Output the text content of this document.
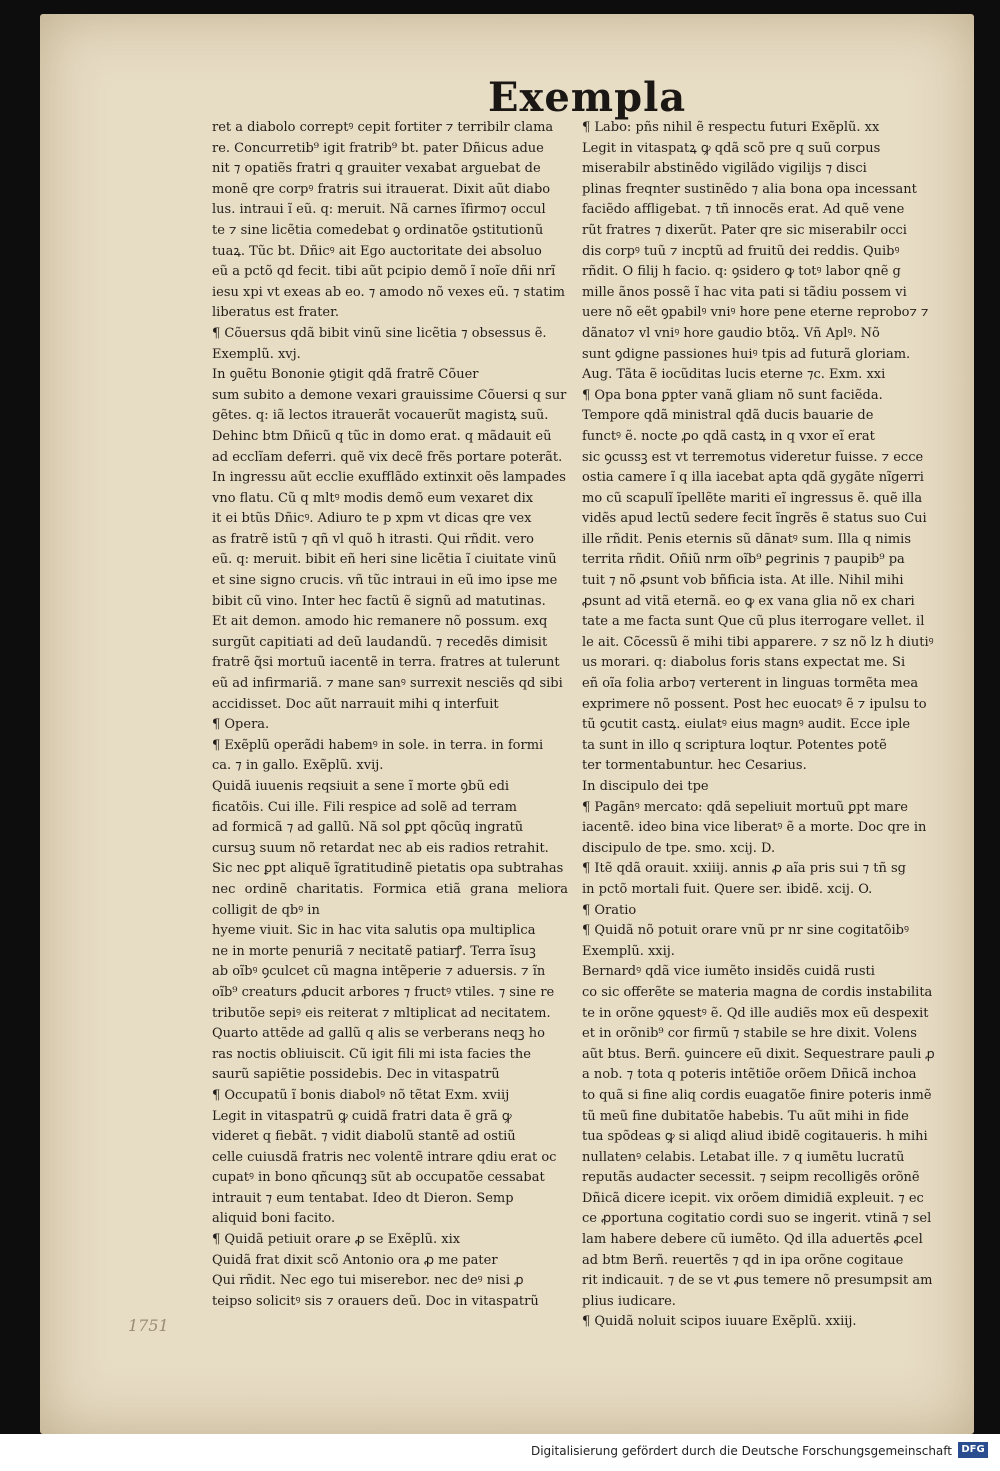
Exempla

ret a diabolo correptꝰ cepit fortiter ⁊ terribilr clama

re. Concurretib⁹ igit fratrib⁹ bt. pater Dñicus adue

nit ⁊ opatiẽs fratri q grauiter vexabat arguebat de

monẽ qre corpꝰ fratris sui itrauerat. Dixit aũt diabo

lus. intraui ĩ eũ. q: meruit. Nã carnes ĩfirmo⁊ occul

te ⁊ sine licẽtia comedebat ꝯ ordinatõe ꝯstitutionũ

tuaꝝ. Tũc bt. Dñicꝰ ait Ego auctoritate dei absoluo

eũ a pctõ qd fecit. tibi aũt pcipio demõ ĩ noĩe dñi nrĩ

iesu xpi vt exeas ab eo. ⁊ amodo nõ vexes eũ. ⁊ statim

liberatus est frater.

¶ Cõuersus qdã bibit vinũ sine licẽtia ⁊ obsessus ẽ.

Exemplũ. xvj.

In ꝯuẽtu Bononie ꝯtigit qdã fratrẽ Cõuer

sum subito a demone vexari grauissime Cõuersi q sur

gẽtes. q: iã lectos itrauerãt vocauerũt magistꝝ suũ.

Dehinc btm Dñicũ q tũc in domo erat. q mãdauit eũ

ad ecclĩam deferri. quẽ vix decẽ frẽs portare poterãt.

In ingressu aũt ecclie exufflãdo extinxit oẽs lampades

vno flatu. Cũ q mltꝰ modis demõ eum vexaret dix

it ei btũs Dñicꝰ. Adiuro te p xpm vt dicas qre vex

as fratrẽ istũ ⁊ qñ vl quõ h itrasti. Qui rñdit. vero

eũ. q: meruit. bibit eñ heri sine licẽtia ĩ ciuitate vinũ

et sine signo crucis. vñ tũc intraui in eũ imo ipse me

bibit cũ vino. Inter hec factũ ẽ signũ ad matutinas.

Et ait demon. amodo hic remanere nõ possum. exq

surgũt capitiati ad deũ laudandũ. ⁊ recedẽs dimisit

fratrẽ q̃si mortuũ iacentẽ in terra. fratres at tulerunt

eũ ad infirmariã. ⁊ mane sanꝰ surrexit nesciẽs qd sibi

accidisset. Doc aũt narrauit mihi q interfuit

¶ Opera.

¶ Exẽplũ operãdi habemꝰ in sole. in terra. in formi

ca. ⁊ in gallo. Exẽplũ. xvij.

Quidã iuuenis reqsiuit a sene ĩ morte ꝯbũ edi

ficatõis. Cui ille. Fili respice ad solẽ ad terram

ad formicã ⁊ ad gallũ. Nã sol ꝑpt qõcũq ingratũ

cursuꝫ suum nõ retardat nec ab eis radios retrahit.

Sic nec ꝑpt aliquẽ ĩgratitudinẽ pietatis opa subtrahas

nec ordinẽ charitatis. Formica etiã grana meliora colligit de qbꝰ in

hyeme viuit. Sic in hac vita salutis opa multiplica

ne in morte penuriã ⁊ necitatẽ patiarꝭ. Terra ĩsuꝫ

ab oĩbꝰ ꝯculcet cũ magna intẽperie ⁊ aduersis. ⁊ ĩn

oĩb⁹ creaturs ꝓducit arbores ⁊ fructꝰ vtiles. ⁊ sine re

tributõe sepiꝰ eis reiterat ⁊ mltiplicat ad necitatem.

Quarto attẽde ad gallũ q alis se verberans neqꝫ ho

ras noctis obliuiscit. Cũ igit fili mi ista facies the

saurũ sapiẽtie possidebis. Dec in vitaspatrũ

¶ Occupatũ ĩ bonis diabolꝰ nõ tẽtat Exm. xviij

Legit in vitaspatrũ ꝙ cuidã fratri data ẽ grã ꝙ

videret q fiebãt. ⁊ vidit diabolũ stantẽ ad ostiũ

celle cuiusdã fratris nec volentẽ intrare qdiu erat oc

cupatꝰ in bono qñcunqꝫ sũt ab occupatõe cessabat

intrauit ⁊ eum tentabat. Ideo dt Dieron. Semp

aliquid boni facito.

¶ Quidã petiuit orare ꝓ se Exẽplũ. xix

Quidã frat dixit scõ Antonio ora ꝓ me pater

Qui rñdit. Nec ego tui miserebor. nec deꝰ nisi ꝓ

teipso solicitꝰ sis ⁊ orauers deũ. Doc in vitaspatrũ

¶ Labo: pñs nihil ẽ respectu futuri Exẽplũ. xx

Legit in vitaspatꝝ ꝙ qdã scõ pre q suũ corpus

miserabilr abstinẽdo vigilãdo vigilijs ⁊ disci

plinas freqnter sustinẽdo ⁊ alia bona opa incessant

faciẽdo affligebat. ⁊ tñ innocẽs erat. Ad quẽ vene

rũt fratres ⁊ dixerũt. Pater qre sic miserabilr occi

dis corpꝰ tuũ ⁊ incptũ ad fruitũ dei reddis. Quibꝰ

rñdit. O filij h facio. q: ꝯsidero ꝙ totꝰ labor qnẽ g

mille ãnos possẽ ĩ hac vita pati si tãdiu possem vi

uere nõ eẽt ꝯpabilꝰ vniꝰ hore pene eterne reprobo⁊ ⁊

dãnato⁊ vl vniꝰ hore gaudio btõꝝ. Vñ Aplꝰ. Nõ

sunt ꝯdigne passiones huiꝰ tpis ad futurã gloriam.

Aug. Tãta ẽ iocũditas lucis eterne ⁊c. Exm. xxi

¶ Opa bona ꝑpter vanã gliam nõ sunt faciẽda.

Tempore qdã ministral qdã ducis bauarie de

functꝰ ẽ. nocte ꝓo qdã castꝝ in q vxor eĩ erat

sic ꝯcussꝫ est vt terremotus videretur fuisse. ⁊ ecce

ostia camere ĩ q illa iacebat apta qdã gygãte nĩgerri

mo cũ scapulĩ ĩpellẽte mariti eĩ ingressus ẽ. quẽ illa

vidẽs apud lectũ sedere fecit ĩngrẽs ẽ status suo Cui

ille rñdit. Penis eternis sũ dãnatꝰ sum. Illa q nimis

territa rñdit. Oñiũ nrm oĩb⁹ ꝑegrinis ⁊ paupib⁹ pa

tuit ⁊ nõ ꝓsunt vob bñficia ista. At ille. Nihil mihi

ꝓsunt ad vitã eternã. eo ꝙ ex vana glia nõ ex chari

tate a me facta sunt Que cũ plus iterrogare vellet. il

le ait. Cõcessũ ẽ mihi tibi apparere. ⁊ sz nõ lz h diutiꝰ

us morari. q: diabolus foris stans expectat me. Si

eñ oĩa folia arbo⁊ verterent in linguas tormẽta mea

exprimere nõ possent. Post hec euocatꝰ ẽ ⁊ ipulsu to

tũ ꝯcutit castꝝ. eiulatꝰ eius magnꝰ audit. Ecce iple

ta sunt in illo q scriptura loqtur. Potentes potẽ

ter tormentabuntur. hec Cesarius.

In discipulo dei tpe

¶ Pagãnꝰ mercato: qdã sepeliuit mortuũ ꝑpt mare

iacentẽ. ideo bina vice liberatꝰ ẽ a morte. Doc qre in

discipulo de tpe. smo. xcij. D.

¶ Itẽ qdã orauit. xxiiij. annis ꝓ aĩa pris sui ⁊ tñ sg

in pctõ mortali fuit. Quere ser. ibidẽ. xcij. O.

¶ Oratio

¶ Quidã nõ potuit orare vnũ pr nr sine cogitatõibꝰ

Exemplũ. xxij.

Bernardꝰ qdã vice iumẽto insidẽs cuidã rusti

co sic offerẽte se materia magna de cordis instabilita

te in orõne ꝯquestꝰ ẽ. Qd ille audiẽs mox eũ despexit

et in orõnib⁹ cor firmũ ⁊ stabile se hre dixit. Volens

aũt btus. Berñ. ꝯuincere eũ dixit. Sequestrare pauli ꝓ

a nob. ⁊ tota q poteris intẽtiõe orõem Dñicã inchoa

to quã si fine aliq cordis euagatõe finire poteris inmẽ

tũ meũ fine dubitatõe habebis. Tu aũt mihi in fide

tua spõdeas ꝙ si aliqd aliud ibidẽ cogitaueris. h mihi

nullatenꝰ celabis. Letabat ille. ⁊ q iumẽtu lucratũ

reputãs audacter secessit. ⁊ seipm recolligẽs orõnẽ

Dñicã dicere icepit. vix orõem dimidiã expleuit. ⁊ ec

ce ꝓportuna cogitatio cordi suo se ingerit. vtinã ⁊ sel

lam habere debere cũ iumẽto. Qd illa aduertẽs ꝓcel

ad btm Berñ. reuertẽs ⁊ qd in ipa orõne cogitaue

rit indicauit. ⁊ de se vt ꝓus temere nõ presumpsit am

plius iudicare.

¶ Quidã noluit scipos iuuare Exẽplũ. xxiij.

1751
Digitalisierung gefördert durch die Deutsche Forschungsgemeinschaft DFG
